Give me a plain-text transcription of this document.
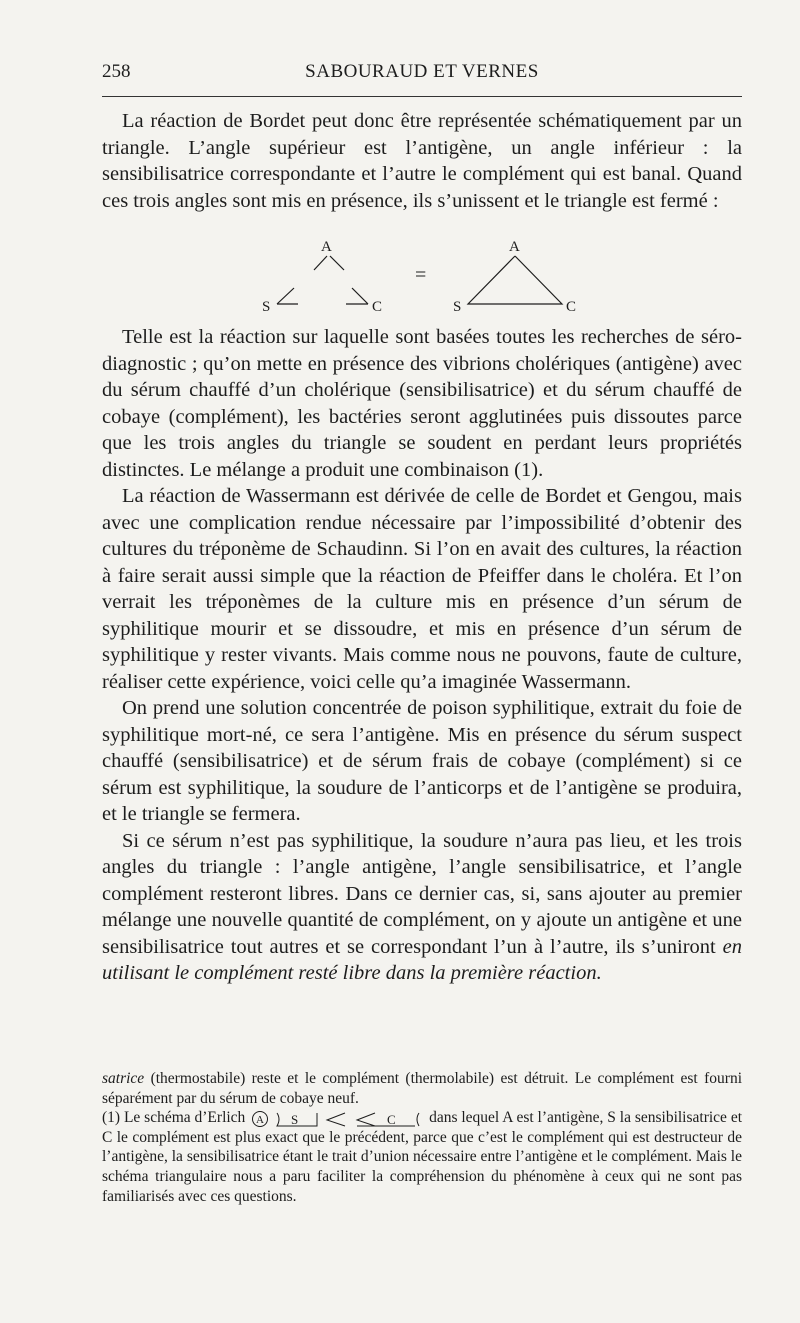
258	SABOURAUD ET VERNES

La réaction de Bordet peut donc être représentée schématiquement par un triangle. L’angle supérieur est l’antigène, un angle inférieur : la sensibilisatrice correspondante et l’autre le complément qui est banal. Quand ces trois angles sont mis en présence, ils s’unissent et le triangle est fermé :

Telle est la réaction sur laquelle sont basées toutes les recherches de séro-diagnostic ; qu’on mette en présence des vibrions cholériques (antigène) avec du sérum chauffé d’un cholérique (sensibilisatrice) et du sérum chauffé de cobaye (complément), les bactéries seront agglutinées puis dissoutes parce que les trois angles du triangle se soudent en perdant leurs propriétés distinctes. Le mélange a produit une combinaison (1).

La réaction de Wassermann est dérivée de celle de Bordet et Gengou, mais avec une complication rendue nécessaire par l’impossibilité d’obtenir des cultures du tréponème de Schaudinn. Si l’on en avait des cultures, la réaction à faire serait aussi simple que la réaction de Pfeiffer dans le choléra. Et l’on verrait les tréponèmes de la culture mis en présence d’un sérum de syphilitique mourir et se dissoudre, et mis en présence d’un sérum de syphilitique y rester vivants. Mais comme nous ne pouvons, faute de culture, réaliser cette expérience, voici celle qu’a imaginée Wassermann.

On prend une solution concentrée de poison syphilitique, extrait du foie de syphilitique mort-né, ce sera l’antigène. Mis en présence du sérum suspect chauffé (sensibilisatrice) et de sérum frais de cobaye (complément) si ce sérum est syphilitique, la soudure de l’anticorps et de l’antigène se produira, et le triangle se fermera.

Si ce sérum n’est pas syphilitique, la soudure n’aura pas lieu, et les trois angles du triangle : l’angle antigène, l’angle sensibilisatrice, et l’angle complément resteront libres. Dans ce dernier cas, si, sans ajouter au premier mélange une nouvelle quantité de complément, on y ajoute un antigène et une sensibilisatrice tout autres et se correspondant l’un à l’autre, ils s’uniront en utilisant le complément resté libre dans la première réaction.

A
S	C
=
A
S	C

satrice (thermostabile) reste et le complément (thermolabile) est détruit. Le complément est fourni séparément par du sérum de cobaye neuf.

(1) Le schéma d’Erlich A S	C dans lequel A est l’antigène, S la sensibilisatrice et C le complément est plus exact que le précédent, parce que c’est le complément qui est destructeur de l’antigène, la sensibilisatrice étant le trait d’union nécessaire entre l’antigène et le complément. Mais le schéma triangulaire nous a paru faciliter la compréhension du phénomène à ceux qui ne sont pas familiarisés avec ces questions.
